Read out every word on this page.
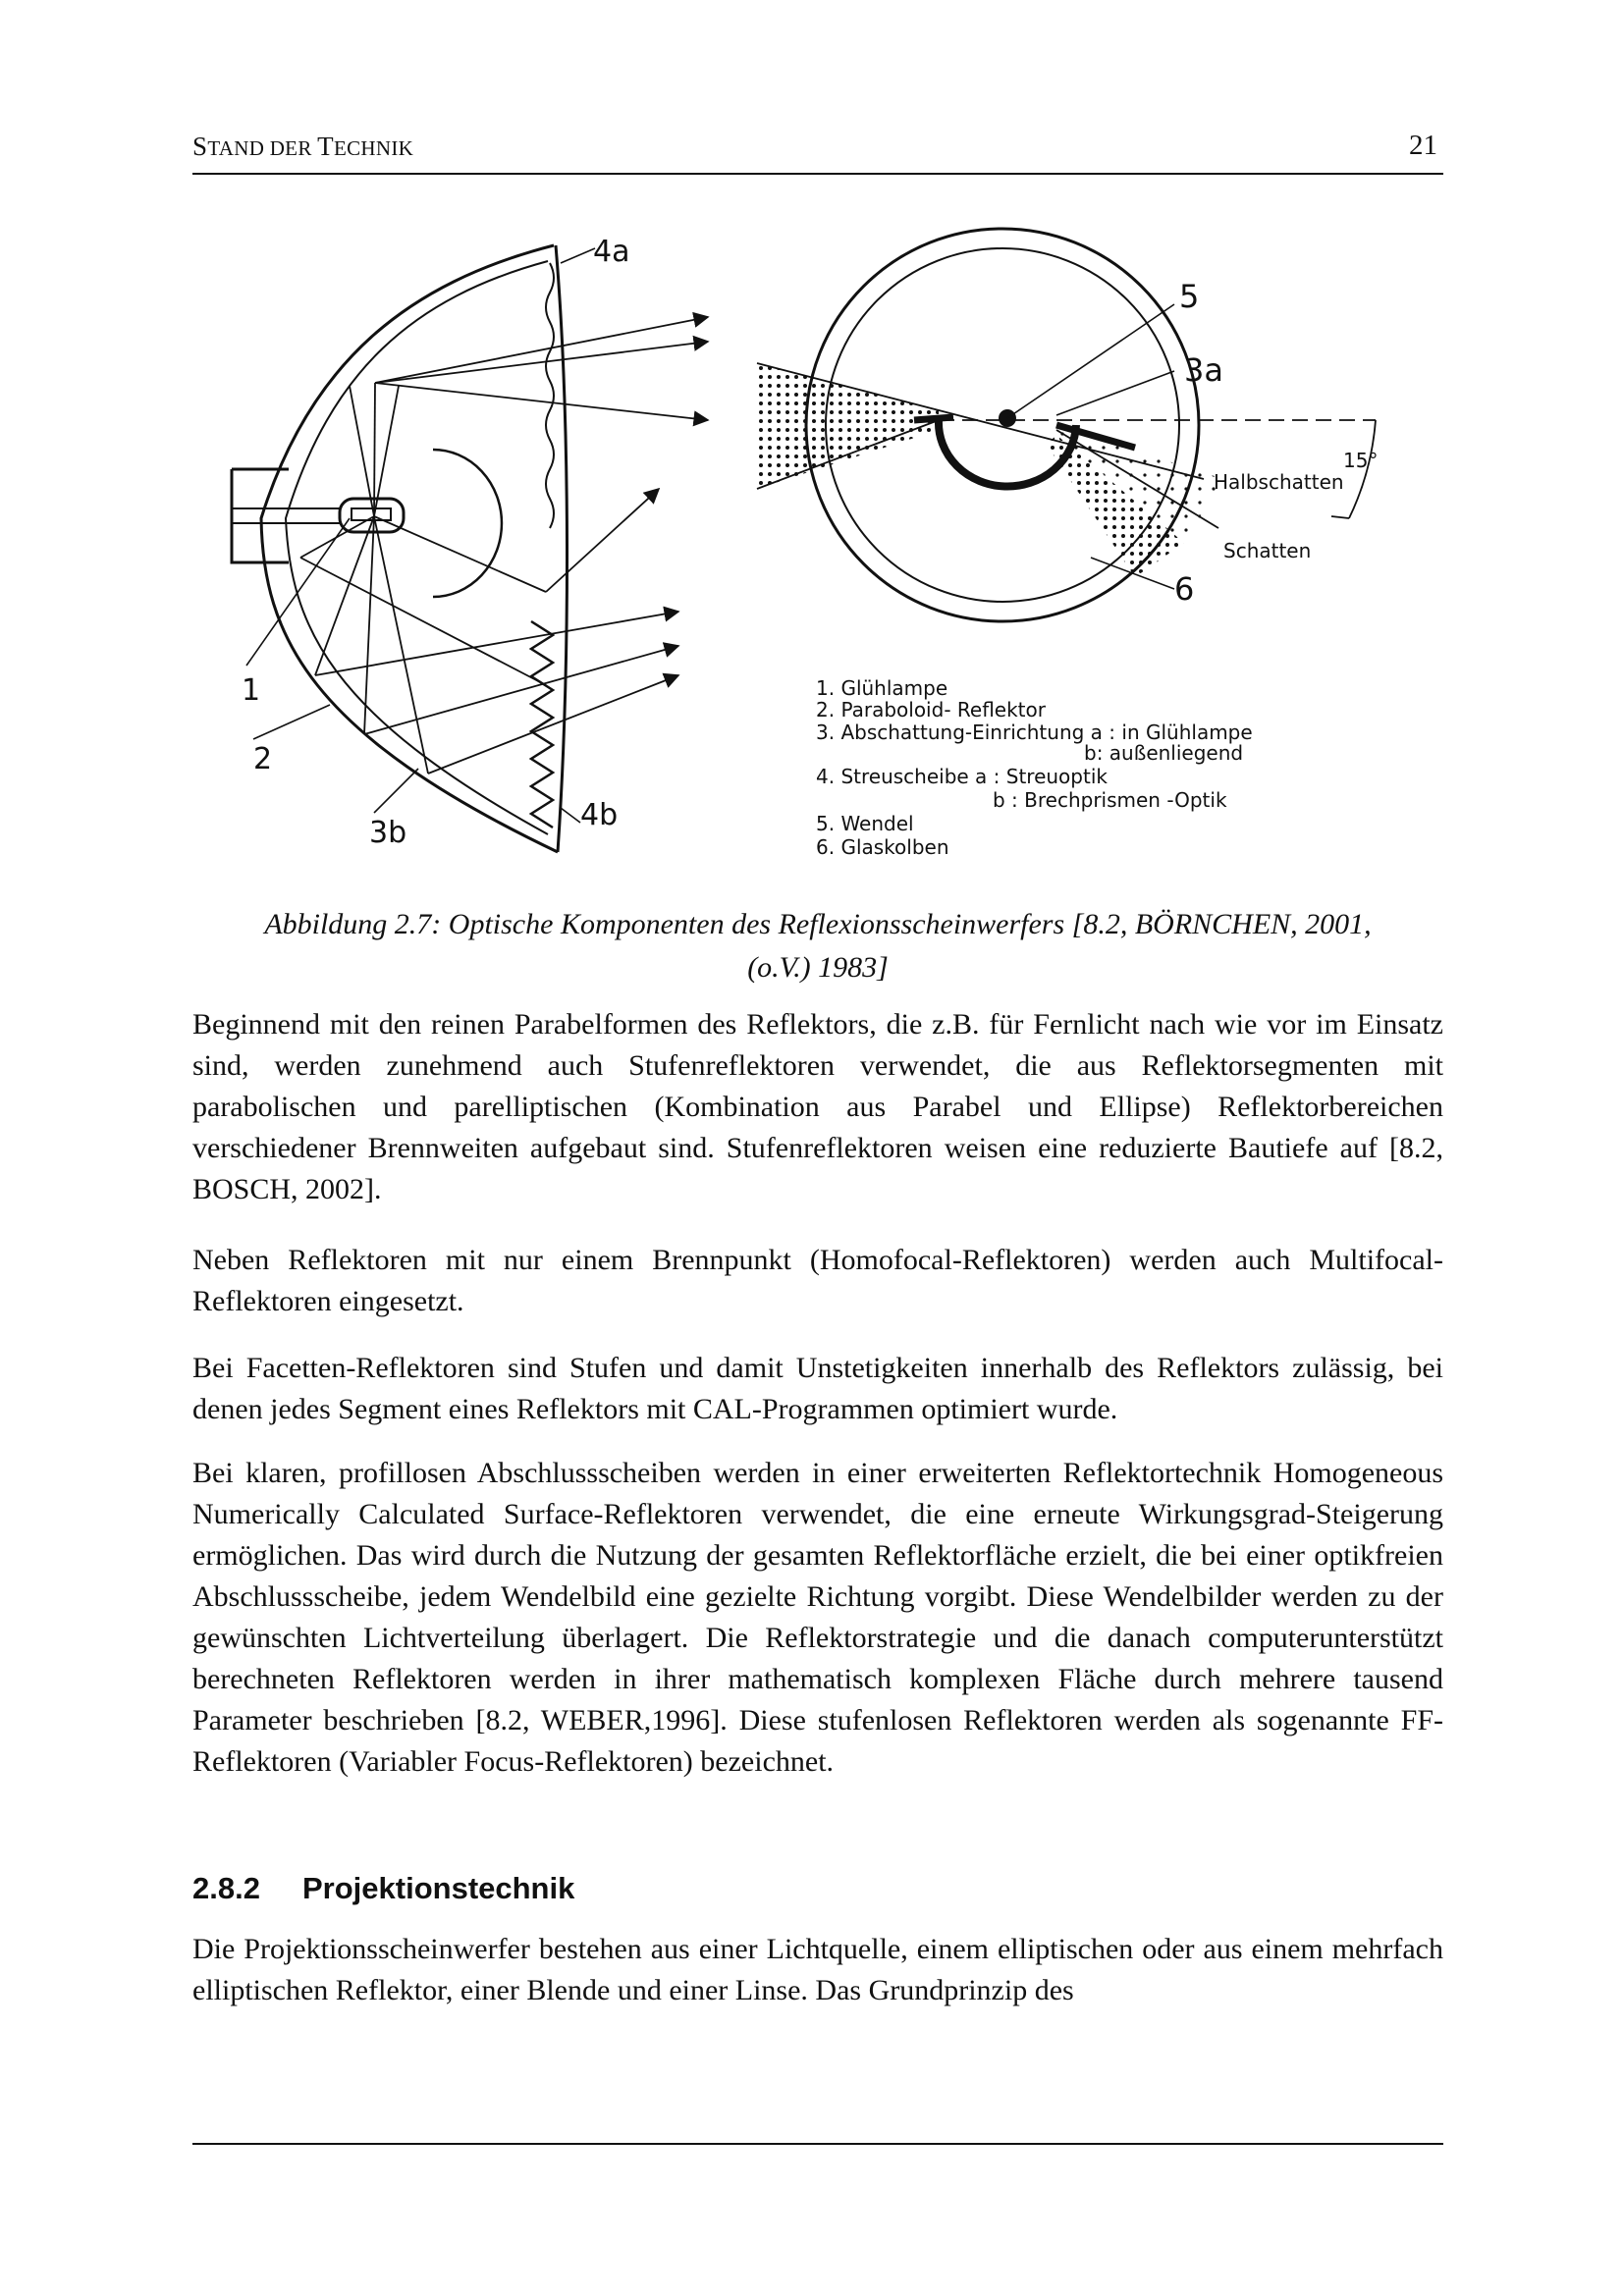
STAND DER TECHNIK	21
4a
1
2
3b
4b
5
3a
15°
Halbschatten
Schatten
6
1. Glühlampe
2. Paraboloid- Reflektor
3. Abschattung-Einrichtung a : in Glühlampe
b: außenliegend
4. Streuscheibe a : Streuoptik
b : Brechprismen -Optik
5. Wendel
6. Glaskolben
Abbildung 2.7: Optische Komponenten des Reflexionsscheinwerfers [8.2, BÖRNCHEN, 2001,
(o.V.) 1983]

Beginnend mit den reinen Parabelformen des Reflektors, die z.B. für Fernlicht nach wie vor im Einsatz sind, werden zunehmend auch Stufenreflektoren verwendet, die aus Reflektorsegmenten mit parabolischen und parelliptischen (Kombination aus Parabel und Ellipse) Reflektorbereichen verschiedener Brennweiten aufgebaut sind. Stufenreflektoren weisen eine reduzierte Bautiefe auf [8.2, BOSCH, 2002].

Neben Reflektoren mit nur einem Brennpunkt (Homofocal-Reflektoren) werden auch Multifocal-Reflektoren eingesetzt.

Bei Facetten-Reflektoren sind Stufen und damit Unstetigkeiten innerhalb des Reflektors zulässig, bei denen jedes Segment eines Reflektors mit CAL-Programmen optimiert wurde.

Bei klaren, profillosen Abschlussscheiben werden in einer erweiterten Reflektortechnik Homogeneous Numerically Calculated Surface-Reflektoren verwendet, die eine erneute Wirkungsgrad-Steigerung ermöglichen. Das wird durch die Nutzung der gesamten Reflektorfläche erzielt, die bei einer optikfreien Abschlussscheibe, jedem Wendelbild eine gezielte Richtung vorgibt. Diese Wendelbilder werden zu der gewünschten Lichtverteilung überlagert. Die Reflektorstrategie und die danach computerunterstützt berechneten Reflektoren werden in ihrer mathematisch komplexen Fläche durch mehrere tausend Parameter beschrieben [8.2, WEBER,1996]. Diese stufenlosen Reflektoren werden als sogenannte FF-Reflektoren (Variabler Focus-Reflektoren) bezeichnet.

2.8.2 Projektionstechnik

Die Projektionsscheinwerfer bestehen aus einer Lichtquelle, einem elliptischen oder aus einem mehrfach elliptischen Reflektor, einer Blende und einer Linse. Das Grundprinzip des
